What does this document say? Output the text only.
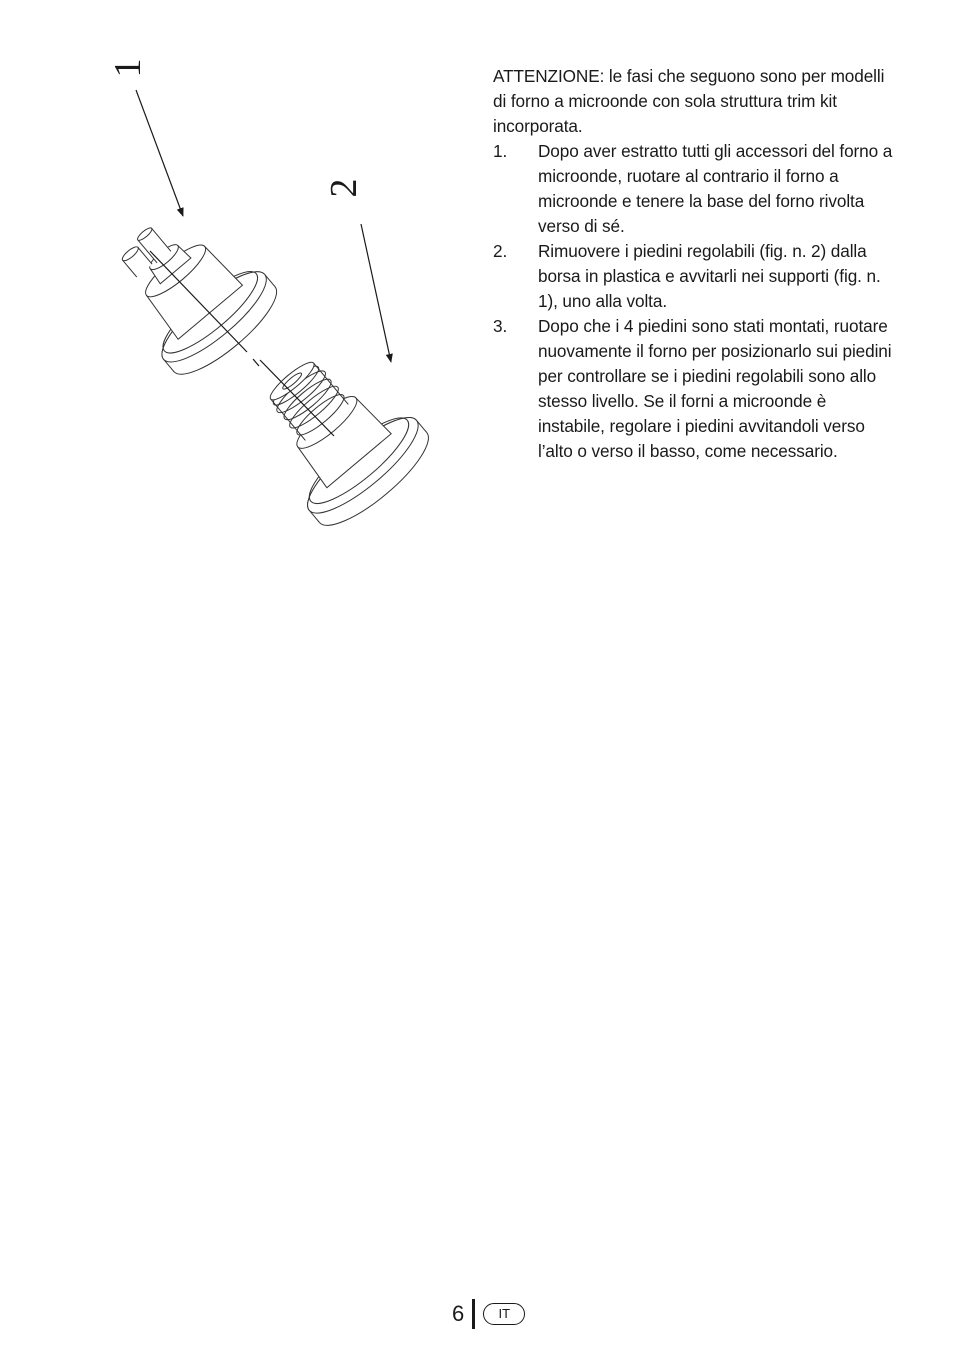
1
2

ATTENZIONE: le fasi che seguono sono per modelli di forno a microonde con sola struttura trim kit incorporata.

1.	Dopo aver estratto tutti gli accessori del forno a microonde, ruotare al contrario il forno a microonde e tenere la base del forno rivolta verso di sé.
2.	Rimuovere i piedini regolabili (fig. n. 2) dalla borsa in plastica e avvitarli nei supporti (fig. n. 1), uno alla volta.
3.	Dopo che i 4 piedini sono stati montati, ruotare nuovamente il forno per posizionarlo sui piedini per controllare se i piedini regolabili sono allo stesso livello. Se il forni a microonde è instabile, regolare i piedini avvitandoli verso l’alto o verso il basso, come necessario.
6	IT
